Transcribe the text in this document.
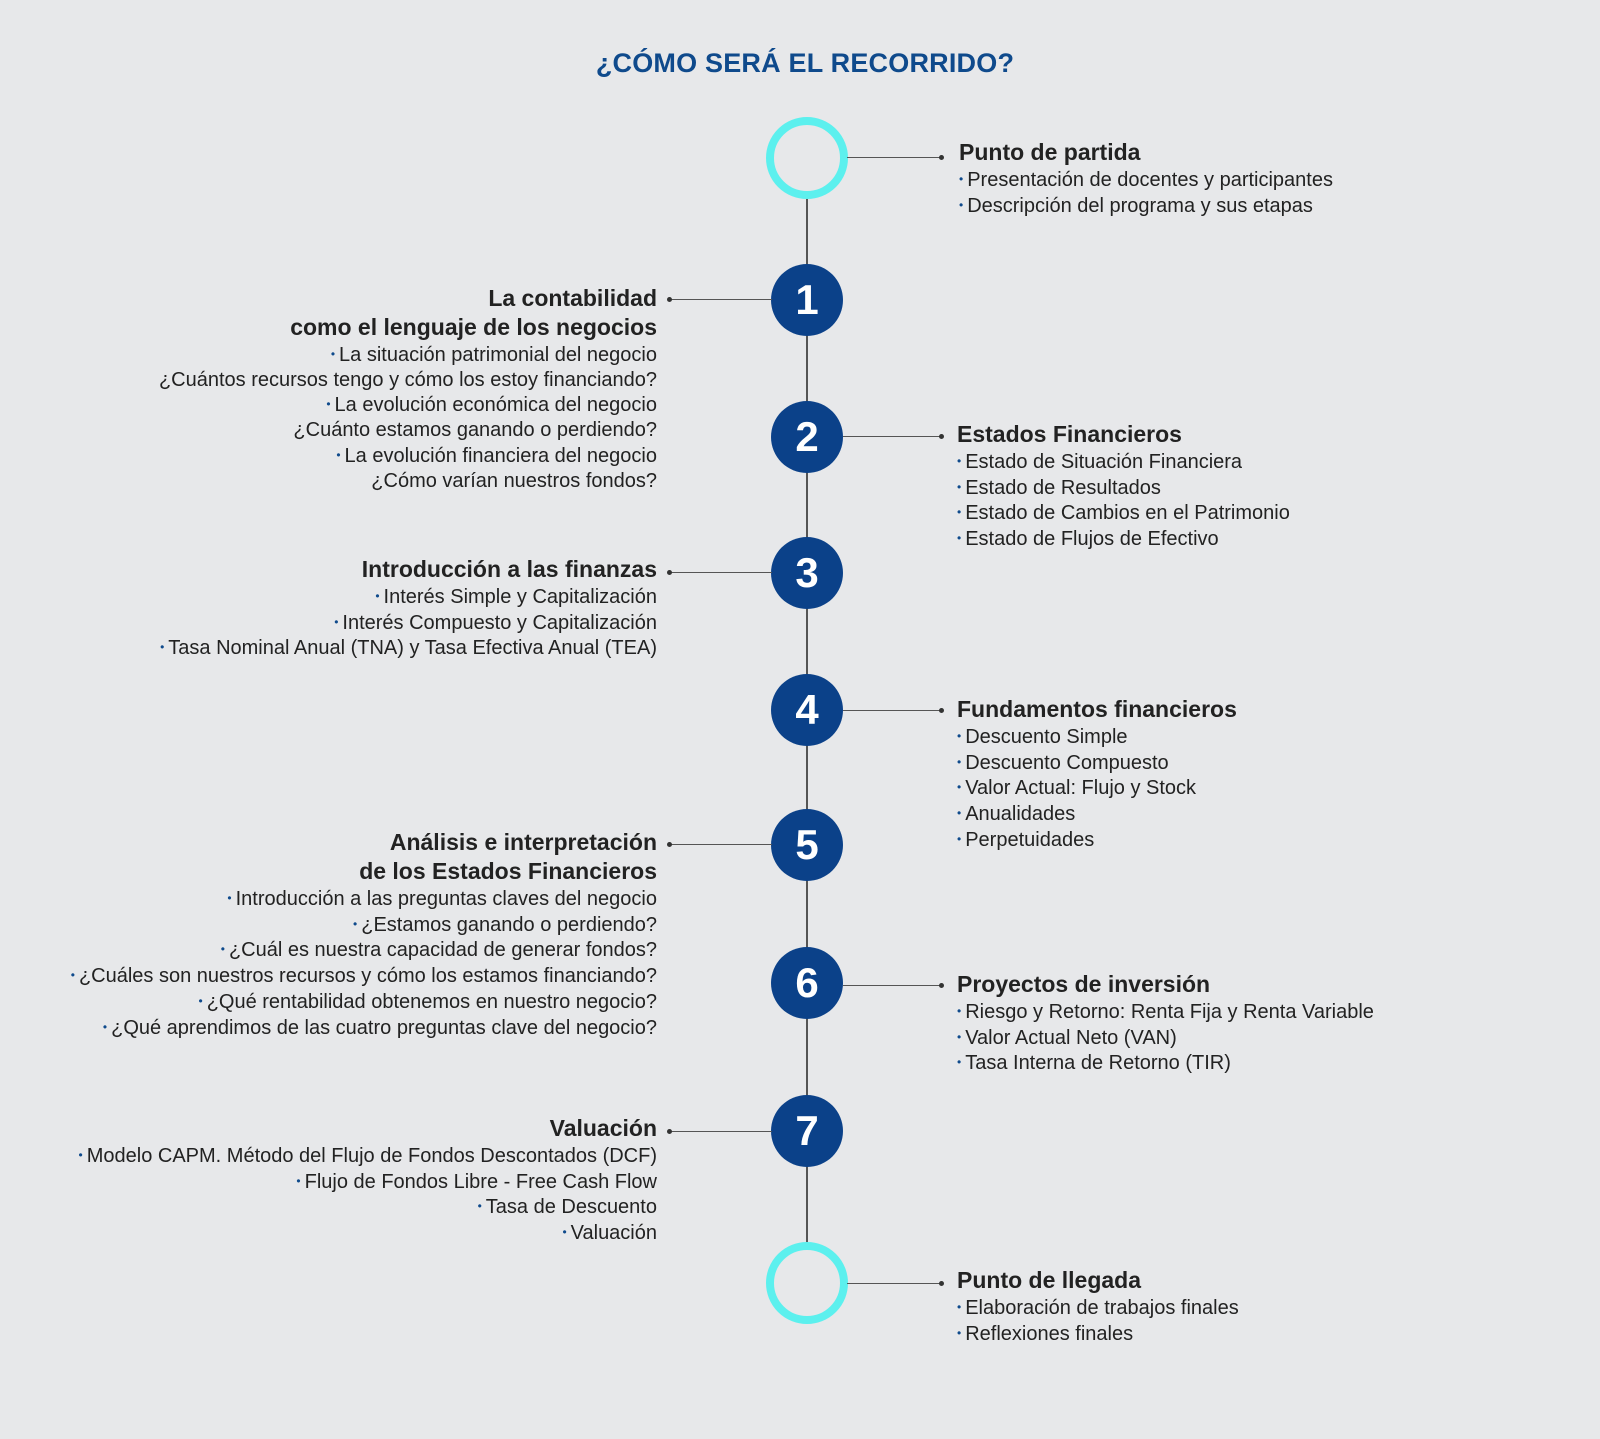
¿CÓMO SERÁ EL RECORRIDO?
Punto de partida
• Presentación de docentes y participantes
• Descripción del programa y sus etapas
1
La contabilidad
como el lenguaje de los negocios
• La situación patrimonial del negocio
¿Cuántos recursos tengo y cómo los estoy financiando?
• La evolución económica del negocio
¿Cuánto estamos ganando o perdiendo?
• La evolución financiera del negocio
¿Cómo varían nuestros fondos?
2	Estados Financieros
• Estado de Situación Financiera
• Estado de Resultados
• Estado de Cambios en el Patrimonio
• Estado de Flujos de Efectivo
3
Introducción a las finanzas
• Interés Simple y Capitalización
• Interés Compuesto y Capitalización
• Tasa Nominal Anual (TNA) y Tasa Efectiva Anual (TEA)
4	Fundamentos financieros
• Descuento Simple
• Descuento Compuesto
• Valor Actual: Flujo y Stock
• Anualidades
• Perpetuidades
5
Análisis e interpretación
de los Estados Financieros
• Introducción a las preguntas claves del negocio
• ¿Estamos ganando o perdiendo?
• ¿Cuál es nuestra capacidad de generar fondos?
• ¿Cuáles son nuestros recursos y cómo los estamos financiando?
• ¿Qué rentabilidad obtenemos en nuestro negocio?
• ¿Qué aprendimos de las cuatro preguntas clave del negocio?
6	Proyectos de inversión
• Riesgo y Retorno: Renta Fija y Renta Variable
• Valor Actual Neto (VAN)
• Tasa Interna de Retorno (TIR)
7
Valuación
• Modelo CAPM. Método del Flujo de Fondos Descontados (DCF)
• Flujo de Fondos Libre - Free Cash Flow
• Tasa de Descuento
• Valuación
Punto de llegada
• Elaboración de trabajos finales
• Reflexiones finales
